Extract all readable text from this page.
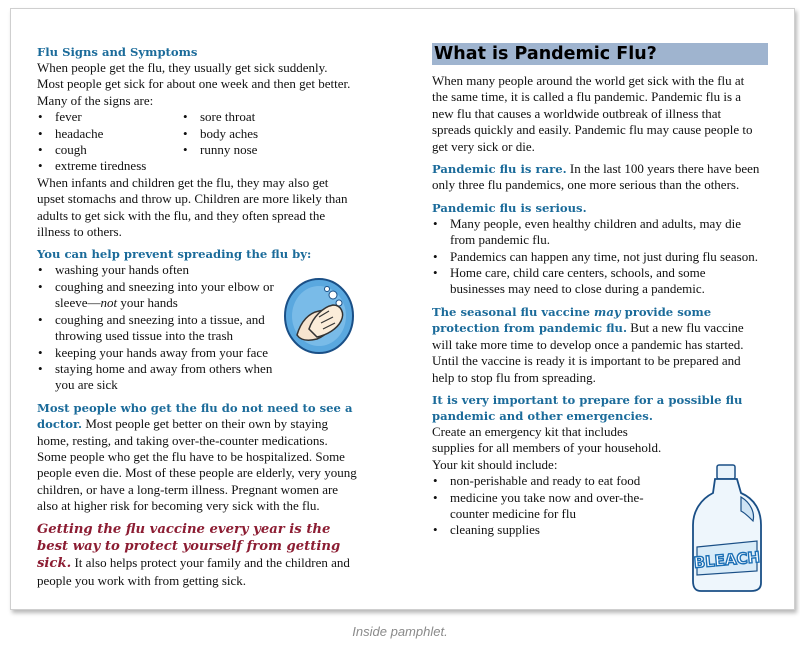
Flu Signs and Symptoms

When people get the flu, they usually get sick suddenly. Most people get sick for about one week and then get better. Many of the signs are:

• fever
• headache
• cough
• extreme tiredness
• sore throat
• body aches
• runny nose

When infants and children get the flu, they may also get upset stomachs and throw up. Children are more likely than adults to get sick with the flu, and they often spread the illness to others.

You can help prevent spreading the flu by:
• washing your hands often
• coughing and sneezing into your elbow or sleeve—not your hands
• coughing and sneezing into a tissue, and throwing used tissue into the trash
• keeping your hands away from your face
• staying home and away from others when you are sick

Most people who get the flu do not need to see a doctor. Most people get better on their own by staying home, resting, and taking over-the-counter medications. Some people who get the flu have to be hospitalized. Some people even die. Most of these people are elderly, very young children, or have a long-term illness. Pregnant women are also at higher risk for becoming very sick with the flu.

Getting the flu vaccine every year is the best way to protect yourself from getting sick. It also helps protect your family and the children and people you work with from getting sick.

What is Pandemic Flu?

When many people around the world get sick with the flu at the same time, it is called a flu pandemic. Pandemic flu is a new flu that causes a worldwide outbreak of illness that spreads quickly and easily. Pandemic flu may cause people to get very sick or die.

Pandemic flu is rare. In the last 100 years there have been only three flu pandemics, one more serious than the others.

Pandemic flu is serious.
• Many people, even healthy children and adults, may die from pandemic flu.
• Pandemics can happen any time, not just during flu season.
• Home care, child care centers, schools, and some businesses may need to close during a pandemic.

The seasonal flu vaccine may provide some protection from pandemic flu. But a new flu vaccine will take more time to develop once a pandemic has started. Until the vaccine is ready it is important to be prepared and help to stop flu from spreading.

It is very important to prepare for a possible flu pandemic and other emergencies.

Create an emergency kit that includes supplies for all members of your household. Your kit should include:

• non-perishable and ready to eat food
• medicine you take now and over-the-counter medicine for flu
• cleaning supplies
BLEACH
Inside pamphlet.
